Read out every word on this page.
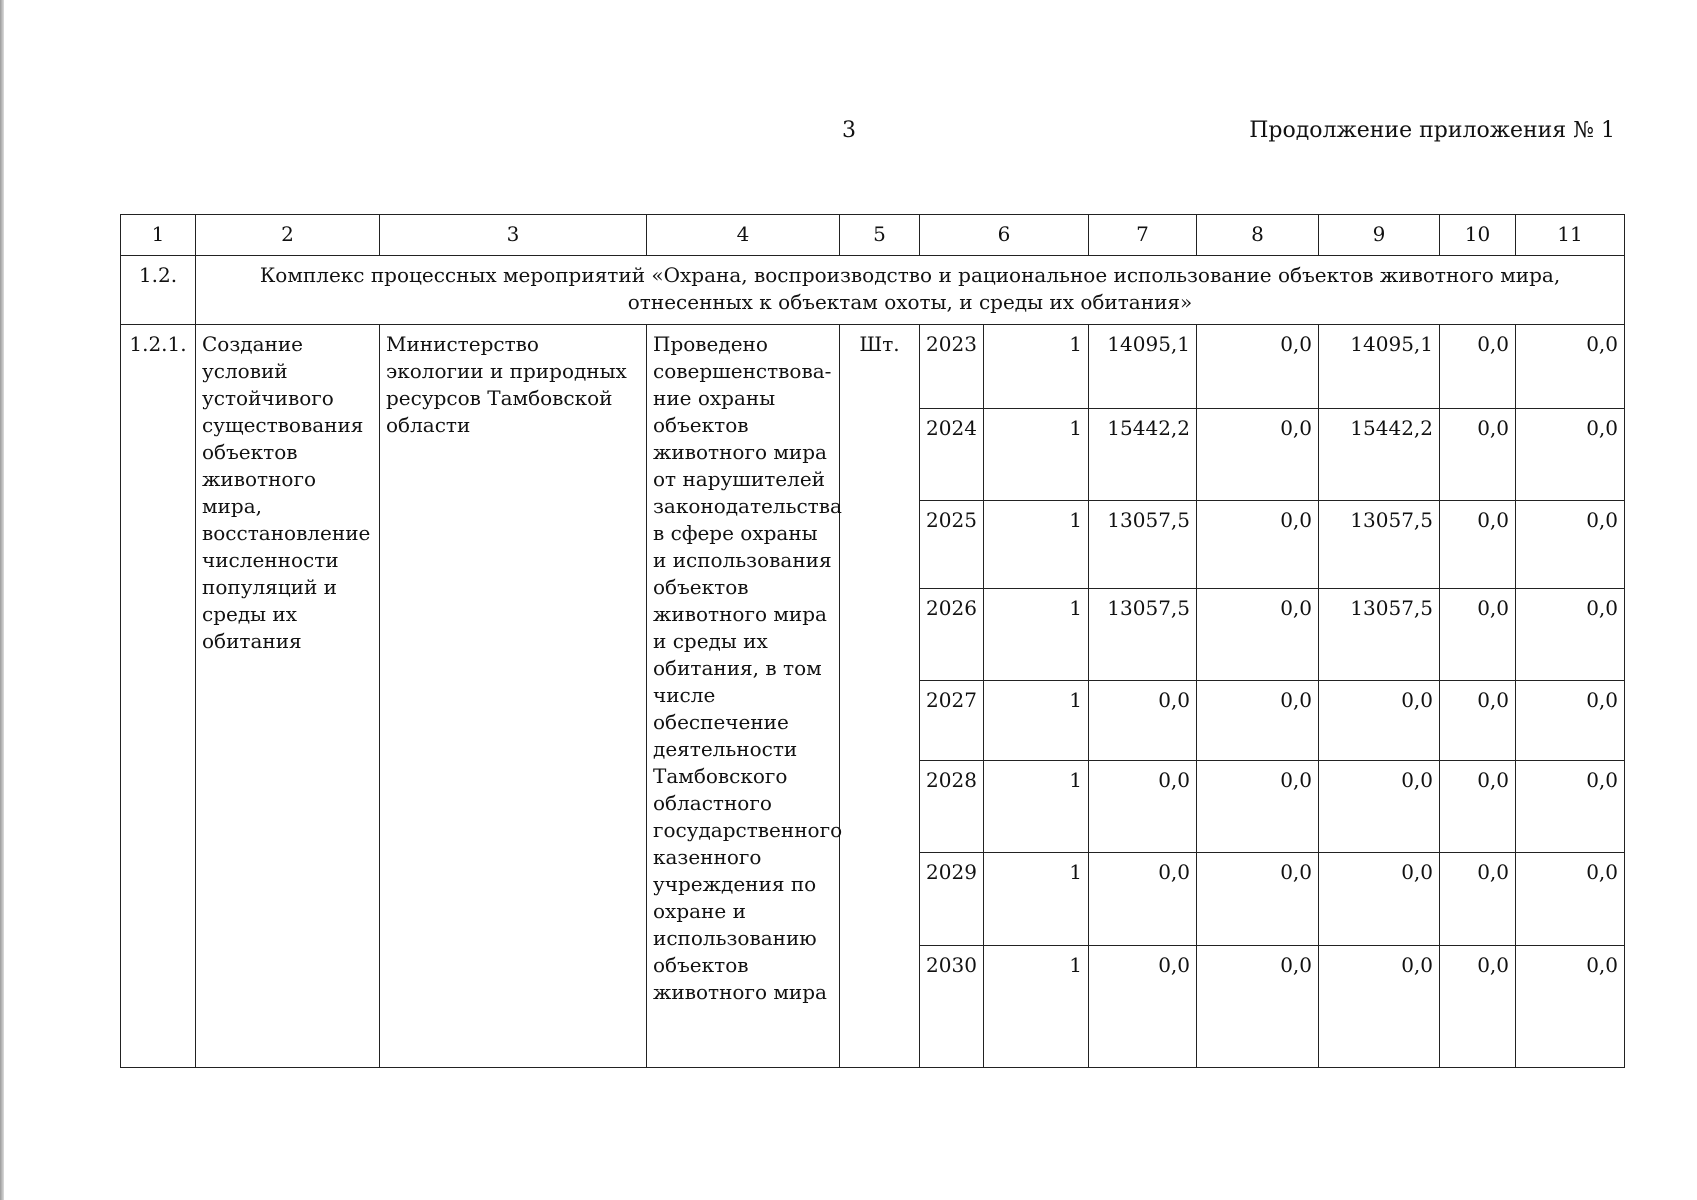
3	Продолжение приложения № 1
1	2	3	4	5	6		7	8	9	10	11
1.2.	Комплекс процессных мероприятий «Охрана, воспроизводство и рациональное использование объектов животного мира, отнесенных к объектам охоты, и среды их обитания»										
1.2.1.	Создание условий устойчивого существования объектов животного мира, восстановление численности популяций и среды их обитания	Министерство экологии и природных ресурсов Тамбовской области	Проведено совершенствова-ние охраны объектов животного мира от нарушителей законодательства в сфере охраны и использования объектов животного мира и среды их обитания, в том числе обеспечение деятельности Тамбовского областного государственного казенного учреждения по охране и использованию объектов животного мира	Шт.	2023	1	14095,1	0,0	14095,1	0,0	0,0
					2024	1	15442,2	0,0	15442,2	0,0	0,0
					2025	1	13057,5	0,0	13057,5	0,0	0,0
					2026	1	13057,5	0,0	13057,5	0,0	0,0
					2027	1	0,0	0,0	0,0	0,0	0,0
					2028	1	0,0	0,0	0,0	0,0	0,0
					2029	1	0,0	0,0	0,0	0,0	0,0
					2030	1	0,0	0,0	0,0	0,0	0,0
